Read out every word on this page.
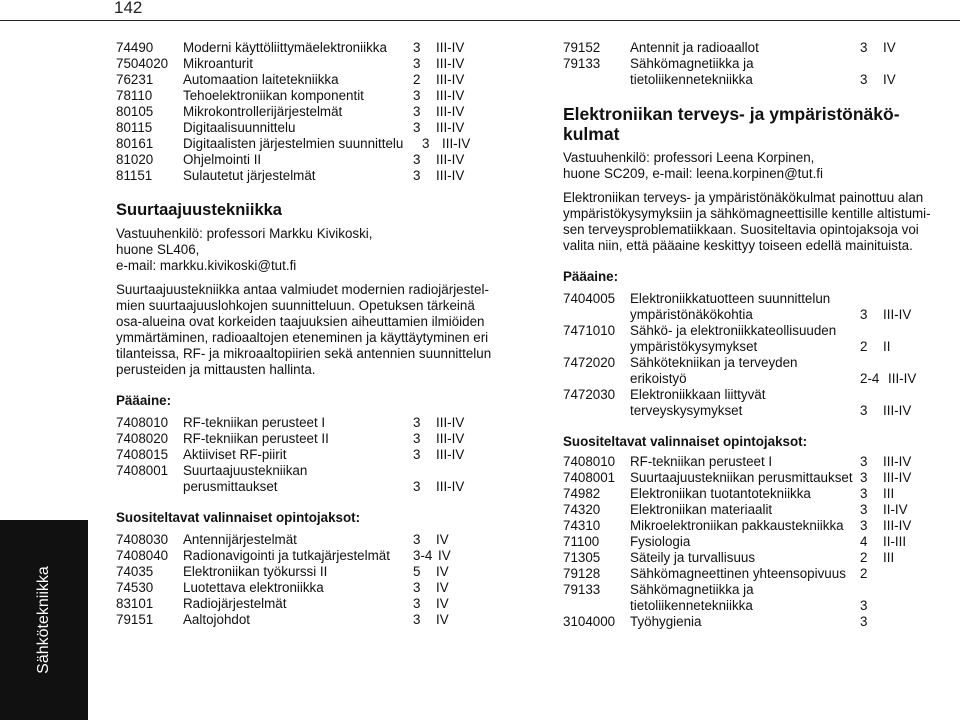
142
Sähkötekniikka
74490 Moderni käyttöliittymäelektroniikka	3 III-IV
7504020 Mikroanturit	3 III-IV
76231 Automaation laitetekniikka	2 III-IV
78110 Tehoelektroniikan komponentit	3 III-IV
80105 Mikrokontrollerijärjestelmät	3 III-IV
80115 Digitaalisuunnittelu	3 III-IV
80161 Digitaalisten järjestelmien suunnittelu	3 III-IV
81020 Ohjelmointi II	3 III-IV
81151 Sulautetut järjestelmät	3 III-IV
Suurtaajuustekniikka
Vastuuhenkilö: professori Markku Kivikoski,
huone SL406,
e-mail: markku.kivikoski@tut.fi
Suurtaajuustekniikka antaa valmiudet modernien radiojärjestel-
mien suurtaajuuslohkojen suunnitteluun. Opetuksen tärkeinä
osa-alueina ovat korkeiden taajuuksien aiheuttamien ilmiöiden
ymmärtäminen, radioaaltojen eteneminen ja käyttäytyminen eri
tilanteissa, RF- ja mikroaaltopiirien sekä antennien suunnittelun
perusteiden ja mittausten hallinta.
Pääaine:
7408010 RF-tekniikan perusteet I	3 III-IV
7408020 RF-tekniikan perusteet II	3 III-IV
7408015 Aktiiviset RF-piirit	3 III-IV
7408001 Suurtaajuustekniikan perusmittaukset	3 III-IV
Suositeltavat valinnaiset opintojaksot:
7408030 Antennijärjestelmät	3 IV
7408040 Radionavigointi ja tutkajärjestelmät	3-4 IV
74035 Elektroniikan työkurssi II	5 IV
74530 Luotettava elektroniikka	3 IV
83101 Radiojärjestelmät	3 IV
79151 Aaltojohdot	3 IV
79152 Antennit ja radioaallot	3 IV
79133 Sähkömagnetiikka ja tietoliikennetekniikka	3 IV
Elektroniikan terveys- ja ympäristönäkö-
kulmat
Vastuuhenkilö: professori Leena Korpinen,
huone SC209, e-mail: leena.korpinen@tut.fi
Elektroniikan terveys- ja ympäristönäkökulmat painottuu alan
ympäristökysymyksiin ja sähkömagneettisille kentille altistumi-
sen terveysproblematiikkaan. Suositeltavia opintojaksoja voi
valita niin, että pääaine keskittyy toiseen edellä mainituista.
Pääaine:
7404005 Elektroniikkatuotteen suunnittelun ympäristönäkökohtia	3 III-IV
7471010 Sähkö- ja elektroniikkateollisuuden ympäristökysymykset	2 II
7472020 Sähkötekniikan ja terveyden erikoistyö	2-4 III-IV
7472030 Elektroniikkaan liittyvät terveyskysymykset	3 III-IV
Suositeltavat valinnaiset opintojaksot:
7408010 RF-tekniikan perusteet I	3 III-IV
7408001 Suurtaajuustekniikan perusmittaukset 3 III-IV
74982 Elektroniikan tuotantotekniikka	3 III
74320 Elektroniikan materiaalit	3 II-IV
74310 Mikroelektroniikan pakkaustekniikka	3 III-IV
71100 Fysiologia	4 II-III
71305 Säteily ja turvallisuus	2 III
79128 Sähkömagneettinen yhteensopivuus	2
79133 Sähkömagnetiikka ja tietoliikennetekniikka	3
3104000 Työhygienia	3
